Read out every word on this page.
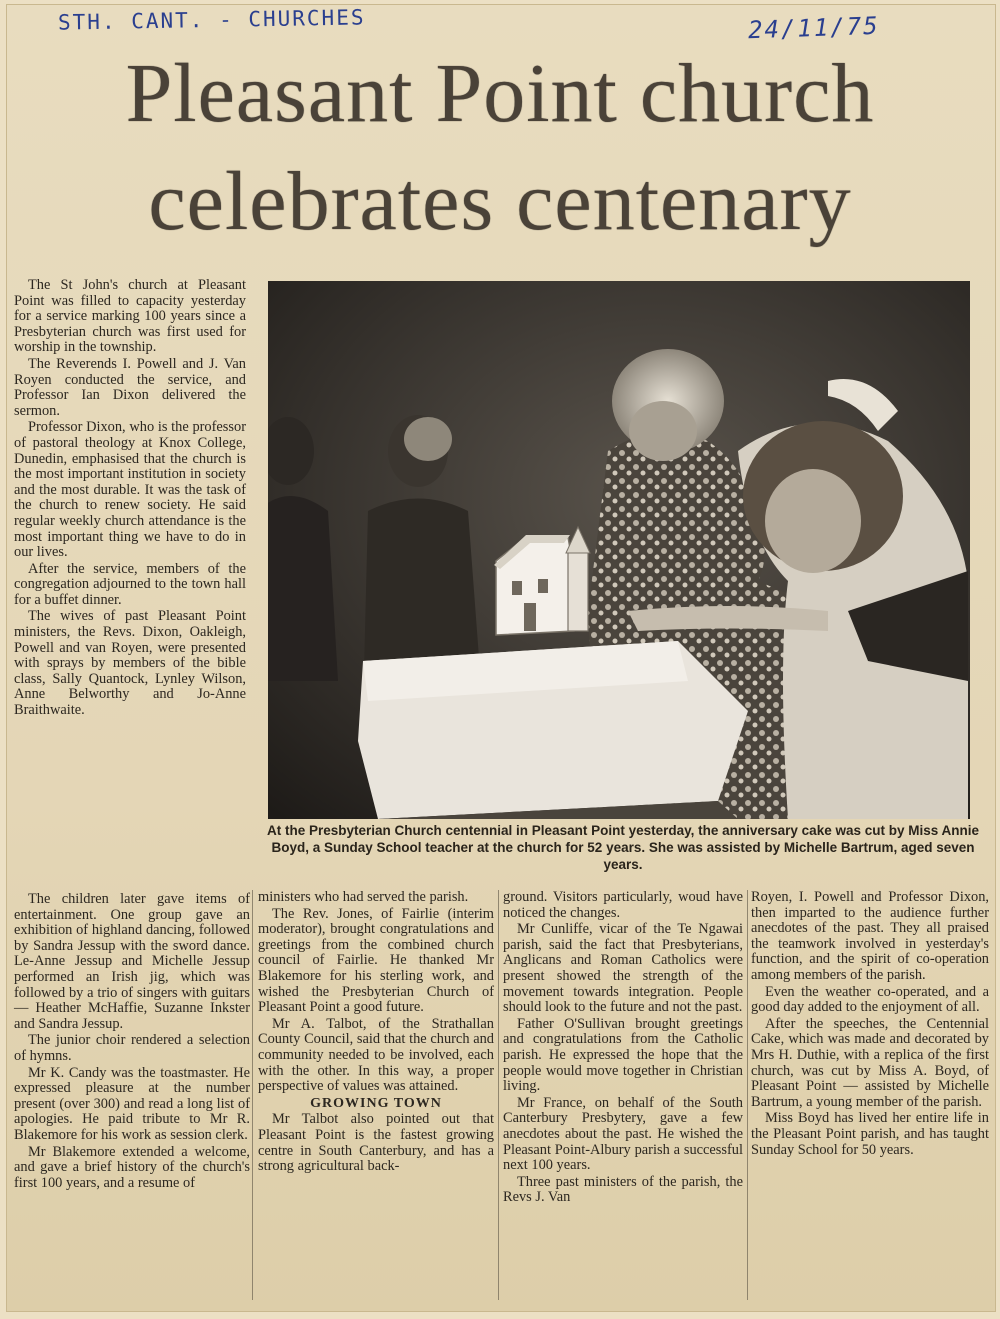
STH. CANT. - CHURCHES	24/11/75
Pleasant Point church
celebrates centenary

The St John's church at Pleasant Point was filled to capacity yesterday for a service marking 100 years since a Presbyterian church was first used for worship in the township.

The Reverends I. Powell and J. Van Royen conducted the service, and Professor Ian Dixon delivered the sermon.

Professor Dixon, who is the professor of pastoral theology at Knox College, Dunedin, emphasised that the church is the most important institution in society and the most durable. It was the task of the church to renew society. He said regular weekly church attendance is the most important thing we have to do in our lives.

After the service, members of the congregation adjourned to the town hall for a buffet dinner.

The wives of past Pleasant Point ministers, the Revs. Dixon, Oakleigh, Powell and van Royen, were presented with sprays by members of the bible class, Sally Quantock, Lynley Wilson, Anne Belworthy and Jo-Anne Braithwaite.

At the Presbyterian Church centennial in Pleasant Point yesterday, the anniversary cake was cut by Miss Annie Boyd, a Sunday School teacher at the church for 52 years. She was assisted by Michelle Bartrum, aged seven years.

The children later gave items of entertainment. One group gave an exhibition of highland dancing, followed by Sandra Jessup with the sword dance. Le-Anne Jessup and Michelle Jessup performed an Irish jig, which was followed by a trio of singers with guitars — Heather McHaffie, Suzanne Inkster and Sandra Jessup.

The junior choir rendered a selection of hymns.

Mr K. Candy was the toastmaster. He expressed pleasure at the number present (over 300) and read a long list of apologies. He paid tribute to Mr R. Blakemore for his work as session clerk.

Mr Blakemore extended a welcome, and gave a brief history of the church's first 100 years, and a resume of

ministers who had served the parish.

The Rev. Jones, of Fairlie (interim moderator), brought congratulations and greetings from the combined church council of Fairlie. He thanked Mr Blakemore for his sterling work, and wished the Presbyterian Church of Pleasant Point a good future.

Mr A. Talbot, of the Strathallan County Council, said that the church and community needed to be involved, each with the other. In this way, a proper perspective of values was attained.

GROWING TOWN

Mr Talbot also pointed out that Pleasant Point is the fastest growing centre in South Canterbury, and has a strong agricultural back-

ground. Visitors particularly, woud have noticed the changes.

Mr Cunliffe, vicar of the Te Ngawai parish, said the fact that Presbyterians, Anglicans and Roman Catholics were present showed the strength of the movement towards integration. People should look to the future and not the past.

Father O'Sullivan brought greetings and congratulations from the Catholic parish. He expressed the hope that the people would move together in Christian living.

Mr France, on behalf of the South Canterbury Presbytery, gave a few anecdotes about the past. He wished the Pleasant Point-Albury parish a successful next 100 years.

Three past ministers of the parish, the Revs J. Van

Royen, I. Powell and Professor Dixon, then imparted to the audience further anecdotes of the past. They all praised the teamwork involved in yesterday's function, and the spirit of co-operation among members of the parish.

Even the weather co-operated, and a good day added to the enjoyment of all.

After the speeches, the Centennial Cake, which was made and decorated by Mrs H. Duthie, with a replica of the first church, was cut by Miss A. Boyd, of Pleasant Point — assisted by Michelle Bartrum, a young member of the parish.

Miss Boyd has lived her entire life in the Pleasant Point parish, and has taught Sunday School for 50 years.
